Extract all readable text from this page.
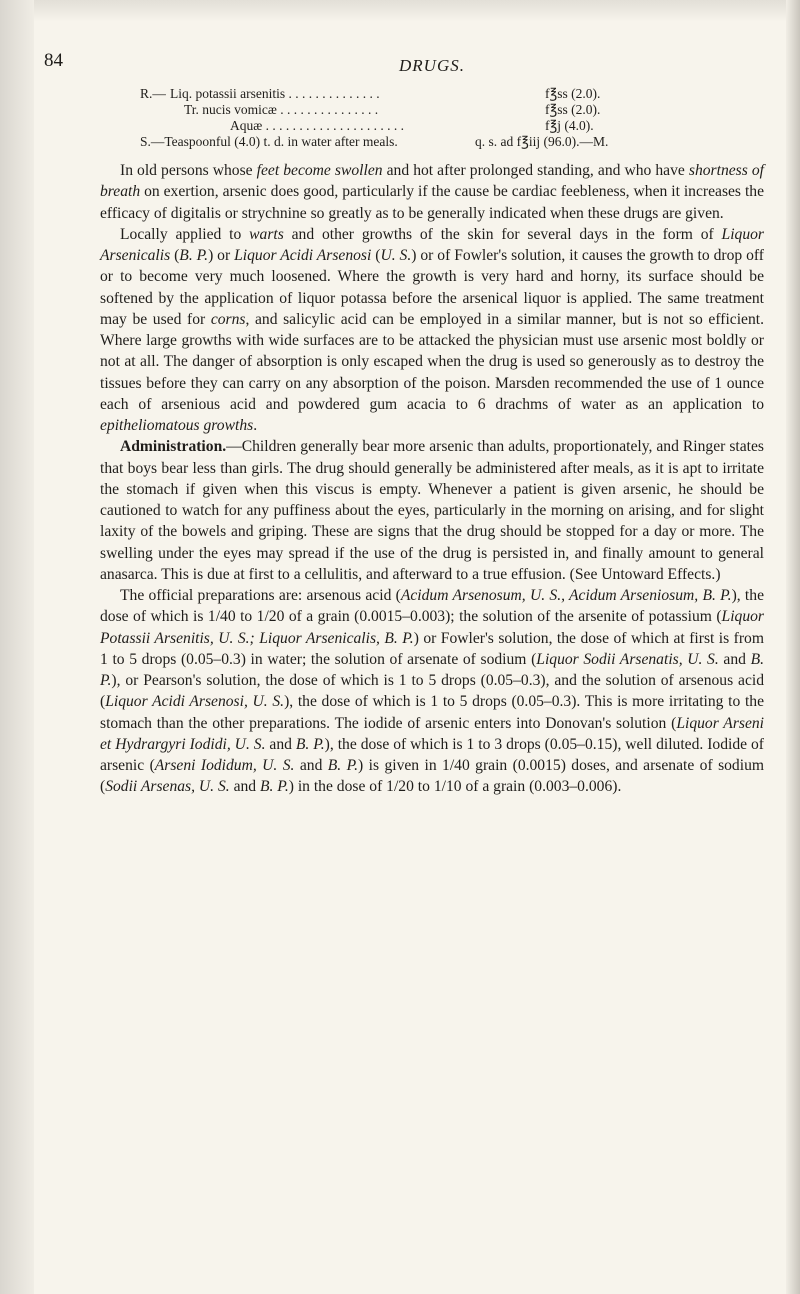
84	DRUGS.
R.— Liq. potassii arsenitis . . . . . . . . . . . . . .	f℥ss (2.0).
Tr. nucis vomicæ . . . . . . . . . . . . . . .	f℥ss (2.0).
Aquæ . . . . . . . . . . . . . . . . . . . . .	f℥j (4.0).
S.—Teaspoonful (4.0) t. d. in water after meals.	q. s. ad f℥iij (96.0).—M.

In old persons whose feet become swollen and hot after prolonged standing, and who have shortness of breath on exertion, arsenic does good, particularly if the cause be cardiac feebleness, when it increases the efficacy of digitalis or strychnine so greatly as to be generally indicated when these drugs are given.

Locally applied to warts and other growths of the skin for several days in the form of Liquor Arsenicalis (B. P.) or Liquor Acidi Arsenosi (U. S.) or of Fowler's solution, it causes the growth to drop off or to become very much loosened. Where the growth is very hard and horny, its surface should be softened by the application of liquor potassa before the arsenical liquor is applied. The same treatment may be used for corns, and salicylic acid can be employed in a similar manner, but is not so efficient. Where large growths with wide surfaces are to be attacked the physician must use arsenic most boldly or not at all. The danger of absorption is only escaped when the drug is used so generously as to destroy the tissues before they can carry on any absorption of the poison. Marsden recommended the use of 1 ounce each of arsenious acid and powdered gum acacia to 6 drachms of water as an application to epitheliomatous growths.

Administration.—Children generally bear more arsenic than adults, proportionately, and Ringer states that boys bear less than girls. The drug should generally be administered after meals, as it is apt to irritate the stomach if given when this viscus is empty. Whenever a patient is given arsenic, he should be cautioned to watch for any puffiness about the eyes, particularly in the morning on arising, and for slight laxity of the bowels and griping. These are signs that the drug should be stopped for a day or more. The swelling under the eyes may spread if the use of the drug is persisted in, and finally amount to general anasarca. This is due at first to a cellulitis, and afterward to a true effusion. (See Untoward Effects.)

The official preparations are: arsenous acid (Acidum Arsenosum, U. S., Acidum Arseniosum, B. P.), the dose of which is 1/40 to 1/20 of a grain (0.0015–0.003); the solution of the arsenite of potassium (Liquor Potassii Arsenitis, U. S.; Liquor Arsenicalis, B. P.) or Fowler's solution, the dose of which at first is from 1 to 5 drops (0.05–0.3) in water; the solution of arsenate of sodium (Liquor Sodii Arsenatis, U. S. and B. P.), or Pearson's solution, the dose of which is 1 to 5 drops (0.05–0.3), and the solution of arsenous acid (Liquor Acidi Arsenosi, U. S.), the dose of which is 1 to 5 drops (0.05–0.3). This is more irritating to the stomach than the other preparations. The iodide of arsenic enters into Donovan's solution (Liquor Arseni et Hydrargyri Iodidi, U. S. and B. P.), the dose of which is 1 to 3 drops (0.05–0.15), well diluted. Iodide of arsenic (Arseni Iodidum, U. S. and B. P.) is given in 1/40 grain (0.0015) doses, and arsenate of sodium (Sodii Arsenas, U. S. and B. P.) in the dose of 1/20 to 1/10 of a grain (0.003–0.006).
